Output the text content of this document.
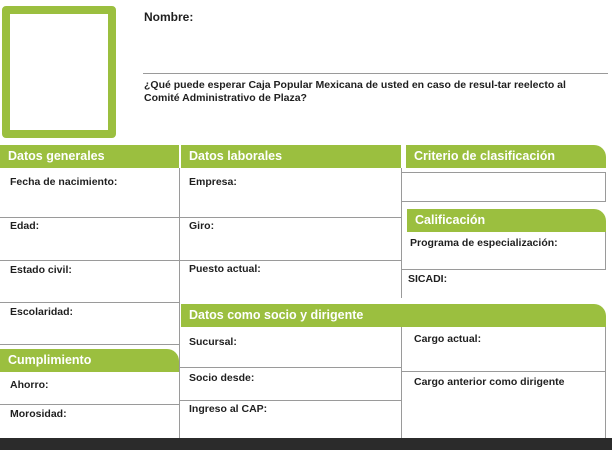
Nombre:
¿Qué puede esperar Caja Popular Mexicana de usted en caso de resul-tar reelecto al Comité Administrativo de Plaza?
Datos generales	Datos laborales	Criterio de clasificación
Fecha de nacimiento:
Edad:
Estado civil:
Escolaridad:
Cumplimiento
Ahorro:
Morosidad:
Empresa:
Giro:
Puesto actual:
Datos como socio y dirigente
Sucursal:
Socio desde:
Ingreso al CAP:
Cargo actual:
Cargo anterior como dirigente
Calificación
Programa de especialización:
SICADI:
